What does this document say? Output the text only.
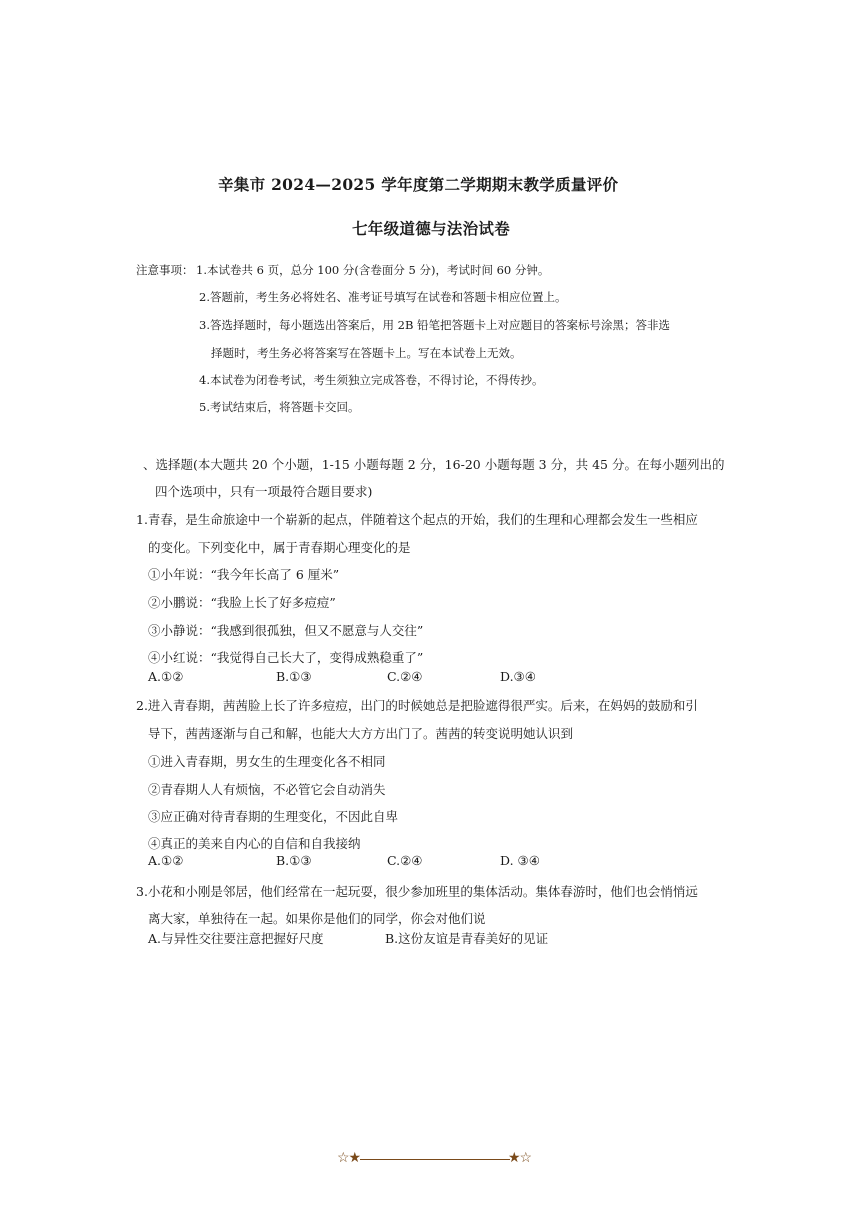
辛集市 2024—2025 学年度第二学期期末教学质量评价
七年级道德与法治试卷
注意事项： 1.本试卷共 6 页，总分 100 分(含卷面分 5 分)，考试时间 60 分钟。
2.答题前，考生务必将姓名、准考证号填写在试卷和答题卡相应位置上。
3.答选择题时，每小题选出答案后，用 2B 铅笔把答题卡上对应题目的答案标号涂黑；答非选
择题时，考生务必将答案写在答题卡上。写在本试卷上无效。
4.本试卷为闭卷考试，考生须独立完成答卷，不得讨论，不得传抄。
5.考试结束后，将答题卡交回。
、选择题(本大题共 20 个小题，1-15 小题每题 2 分，16-20 小题每题 3 分，共 45 分。在每小题列出的
四个选项中，只有一项最符合题目要求)
1.青春，是生命旅途中一个崭新的起点，伴随着这个起点的开始，我们的生理和心理都会发生一些相应
的变化。下列变化中，属于青春期心理变化的是
①小年说：“我今年长高了 6 厘米”
②小鹏说：“我脸上长了好多痘痘”
③小静说：“我感到很孤独，但又不愿意与人交往”
④小红说：“我觉得自己长大了，变得成熟稳重了”
A.①②	B.①③	C.②④	D.③④
2.进入青春期，茜茜脸上长了许多痘痘，出门的时候她总是把脸遮得很严实。后来，在妈妈的鼓励和引
导下，茜茜逐渐与自己和解，也能大大方方出门了。茜茜的转变说明她认识到
①进入青春期，男女生的生理变化各不相同
②青春期人人有烦恼，不必管它会自动消失
③应正确对待青春期的生理变化，不因此自卑
④真正的美来自内心的自信和自我接纳
A.①②	B.①③	C.②④	D. ③④
3.小花和小刚是邻居，他们经常在一起玩耍，很少参加班里的集体活动。集体春游时，他们也会悄悄远
离大家，单独待在一起。如果你是他们的同学，你会对他们说
A.与异性交往要注意把握好尺度	B.这份友谊是青春美好的见证
☆★	★☆
